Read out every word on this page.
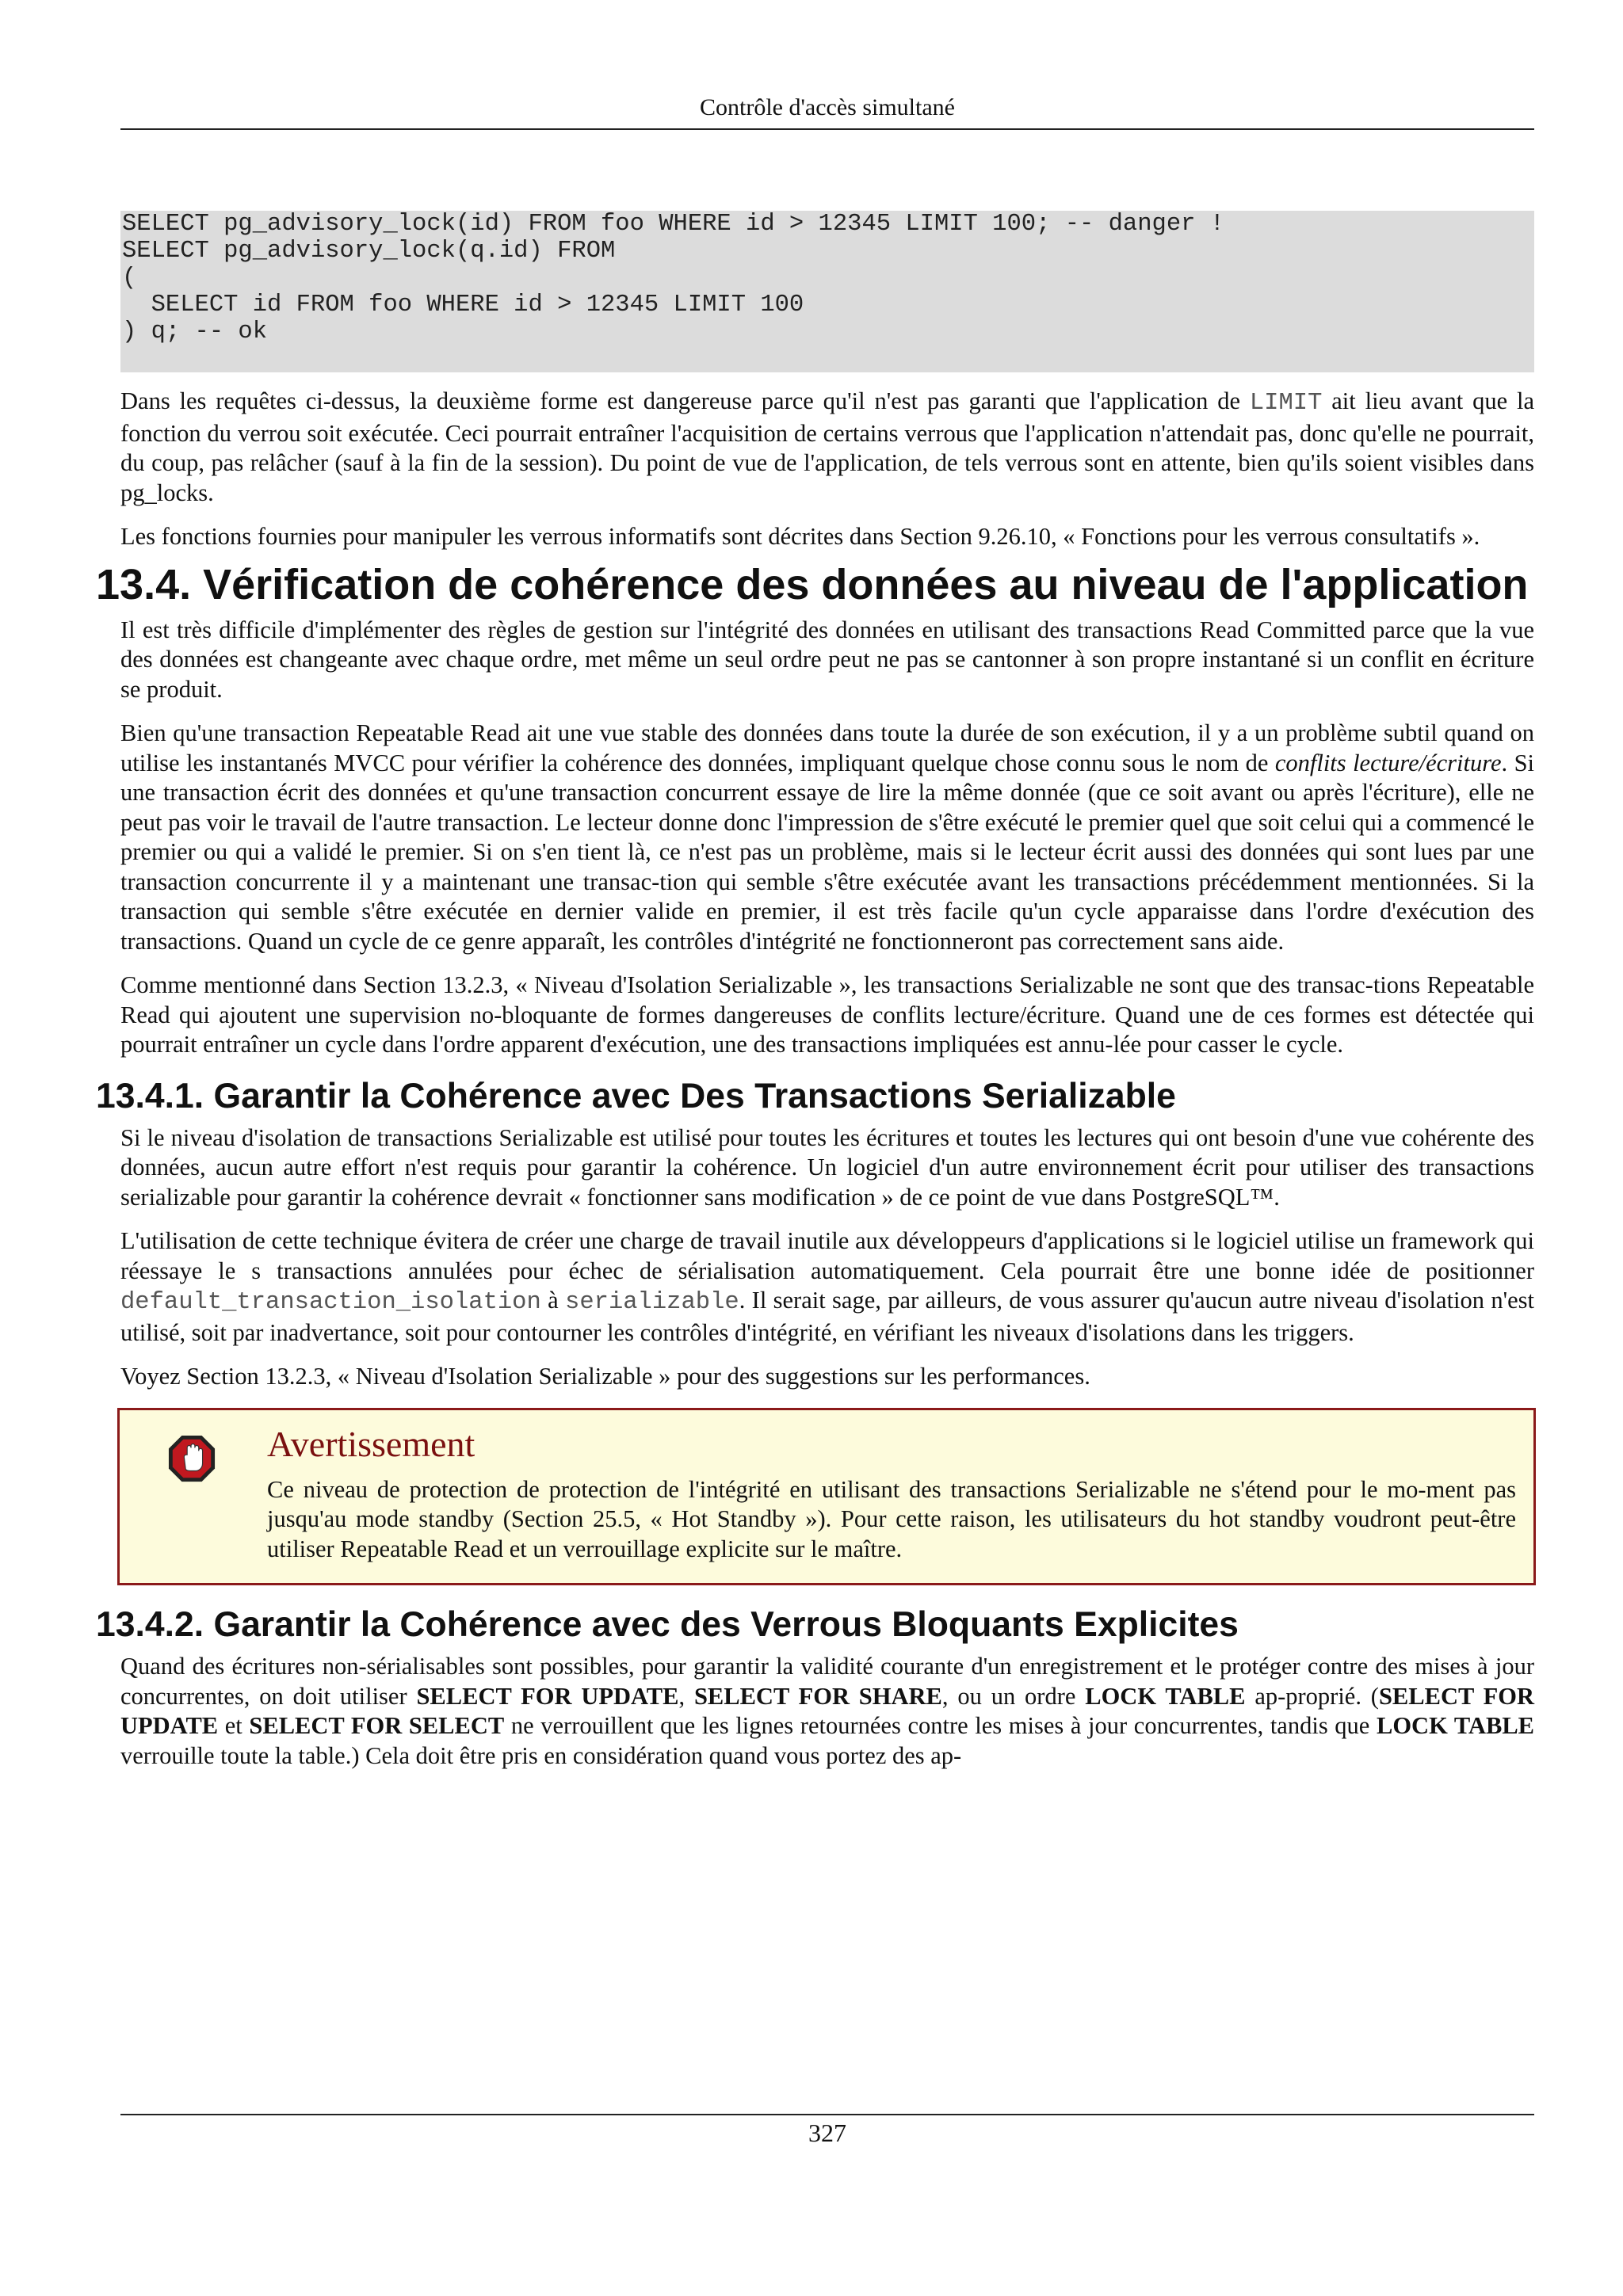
Contrôle d'accès simultané
SELECT pg_advisory_lock(id) FROM foo WHERE id > 12345 LIMIT 100; -- danger !
SELECT pg_advisory_lock(q.id) FROM
(
SELECT id FROM foo WHERE id > 12345 LIMIT 100
) q; -- ok

Dans les requêtes ci-dessus, la deuxième forme est dangereuse parce qu'il n'est pas garanti que l'application de LIMIT ait lieu avant que la fonction du verrou soit exécutée. Ceci pourrait entraîner l'acquisition de certains verrous que l'application n'attendait pas, donc qu'elle ne pourrait, du coup, pas relâcher (sauf à la fin de la session). Du point de vue de l'application, de tels verrous sont en attente, bien qu'ils soient visibles dans pg_locks.

Les fonctions fournies pour manipuler les verrous informatifs sont décrites dans Section 9.26.10, « Fonctions pour les verrous consultatifs ».

13.4. Vérification de cohérence des données au niveau de l'application

Il est très difficile d'implémenter des règles de gestion sur l'intégrité des données en utilisant des transactions Read Committed parce que la vue des données est changeante avec chaque ordre, met même un seul ordre peut ne pas se cantonner à son propre instantané si un conflit en écriture se produit.

Bien qu'une transaction Repeatable Read ait une vue stable des données dans toute la durée de son exécution, il y a un problème subtil quand on utilise les instantanés MVCC pour vérifier la cohérence des données, impliquant quelque chose connu sous le nom de conflits lecture/écriture. Si une transaction écrit des données et qu'une transaction concurrent essaye de lire la même donnée (que ce soit avant ou après l'écriture), elle ne peut pas voir le travail de l'autre transaction. Le lecteur donne donc l'impression de s'être exécuté le premier quel que soit celui qui a commencé le premier ou qui a validé le premier. Si on s'en tient là, ce n'est pas un problème, mais si le lecteur écrit aussi des données qui sont lues par une transaction concurrente il y a maintenant une transac-tion qui semble s'être exécutée avant les transactions précédemment mentionnées. Si la transaction qui semble s'être exécutée en dernier valide en premier, il est très facile qu'un cycle apparaisse dans l'ordre d'exécution des transactions. Quand un cycle de ce genre apparaît, les contrôles d'intégrité ne fonctionneront pas correctement sans aide.

Comme mentionné dans Section 13.2.3, « Niveau d'Isolation Serializable », les transactions Serializable ne sont que des transac-tions Repeatable Read qui ajoutent une supervision no-bloquante de formes dangereuses de conflits lecture/écriture. Quand une de ces formes est détectée qui pourrait entraîner un cycle dans l'ordre apparent d'exécution, une des transactions impliquées est annu-lée pour casser le cycle.

13.4.1. Garantir la Cohérence avec Des Transactions Serializable

Si le niveau d'isolation de transactions Serializable est utilisé pour toutes les écritures et toutes les lectures qui ont besoin d'une vue cohérente des données, aucun autre effort n'est requis pour garantir la cohérence. Un logiciel d'un autre environnement écrit pour utiliser des transactions serializable pour garantir la cohérence devrait « fonctionner sans modification » de ce point de vue dans PostgreSQL™.

L'utilisation de cette technique évitera de créer une charge de travail inutile aux développeurs d'applications si le logiciel utilise un framework qui réessaye le s transactions annulées pour échec de sérialisation automatiquement. Cela pourrait être une bonne idée de positionner default_transaction_isolation à serializable. Il serait sage, par ailleurs, de vous assurer qu'aucun autre niveau d'isolation n'est utilisé, soit par inadvertance, soit pour contourner les contrôles d'intégrité, en vérifiant les niveaux d'isolations dans les triggers.

Voyez Section 13.2.3, « Niveau d'Isolation Serializable » pour des suggestions sur les performances.

Avertissement

Ce niveau de protection de protection de l'intégrité en utilisant des transactions Serializable ne s'étend pour le mo-ment pas jusqu'au mode standby (Section 25.5, « Hot Standby »). Pour cette raison, les utilisateurs du hot standby voudront peut-être utiliser Repeatable Read et un verrouillage explicite sur le maître.

13.4.2. Garantir la Cohérence avec des Verrous Bloquants Explicites

Quand des écritures non-sérialisables sont possibles, pour garantir la validité courante d'un enregistrement et le protéger contre des mises à jour concurrentes, on doit utiliser SELECT FOR UPDATE, SELECT FOR SHARE, ou un ordre LOCK TABLE ap-proprié. (SELECT FOR UPDATE et SELECT FOR SELECT ne verrouillent que les lignes retournées contre les mises à jour concurrentes, tandis que LOCK TABLE verrouille toute la table.) Cela doit être pris en considération quand vous portez des ap-

327
